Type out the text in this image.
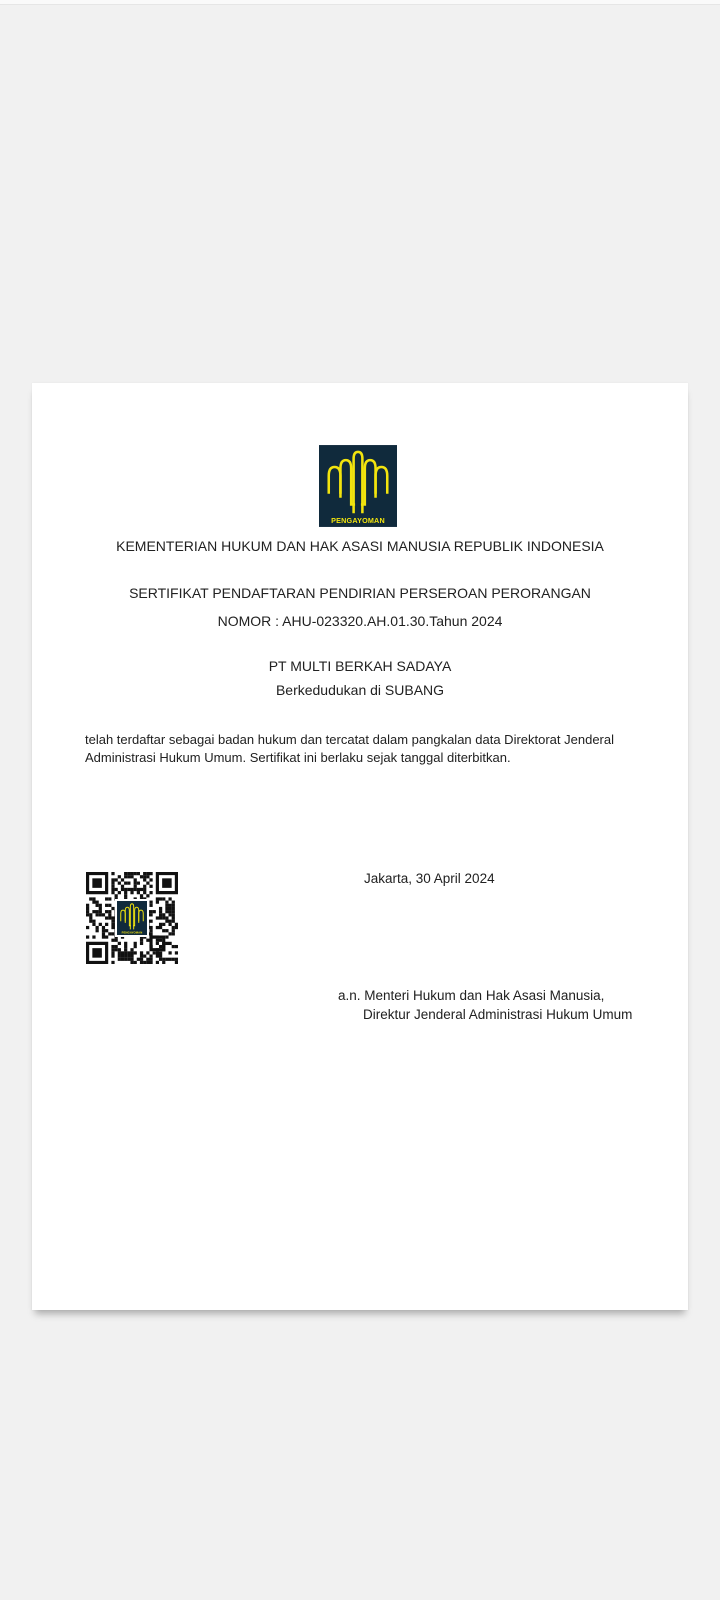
KEMENTERIAN HUKUM DAN HAK ASASI MANUSIA REPUBLIK INDONESIA
SERTIFIKAT PENDAFTARAN PENDIRIAN PERSEROAN PERORANGAN
NOMOR : AHU-023320.AH.01.30.Tahun 2024
PT MULTI BERKAH SADAYA
Berkedudukan di SUBANG
telah terdaftar sebagai badan hukum dan tercatat dalam pangkalan data Direktorat Jenderal
Administrasi Hukum Umum. Sertifikat ini berlaku sejak tanggal diterbitkan.
Jakarta, 30 April 2024
a.n. Menteri Hukum dan Hak Asasi Manusia,
Direktur Jenderal Administrasi Hukum Umum
